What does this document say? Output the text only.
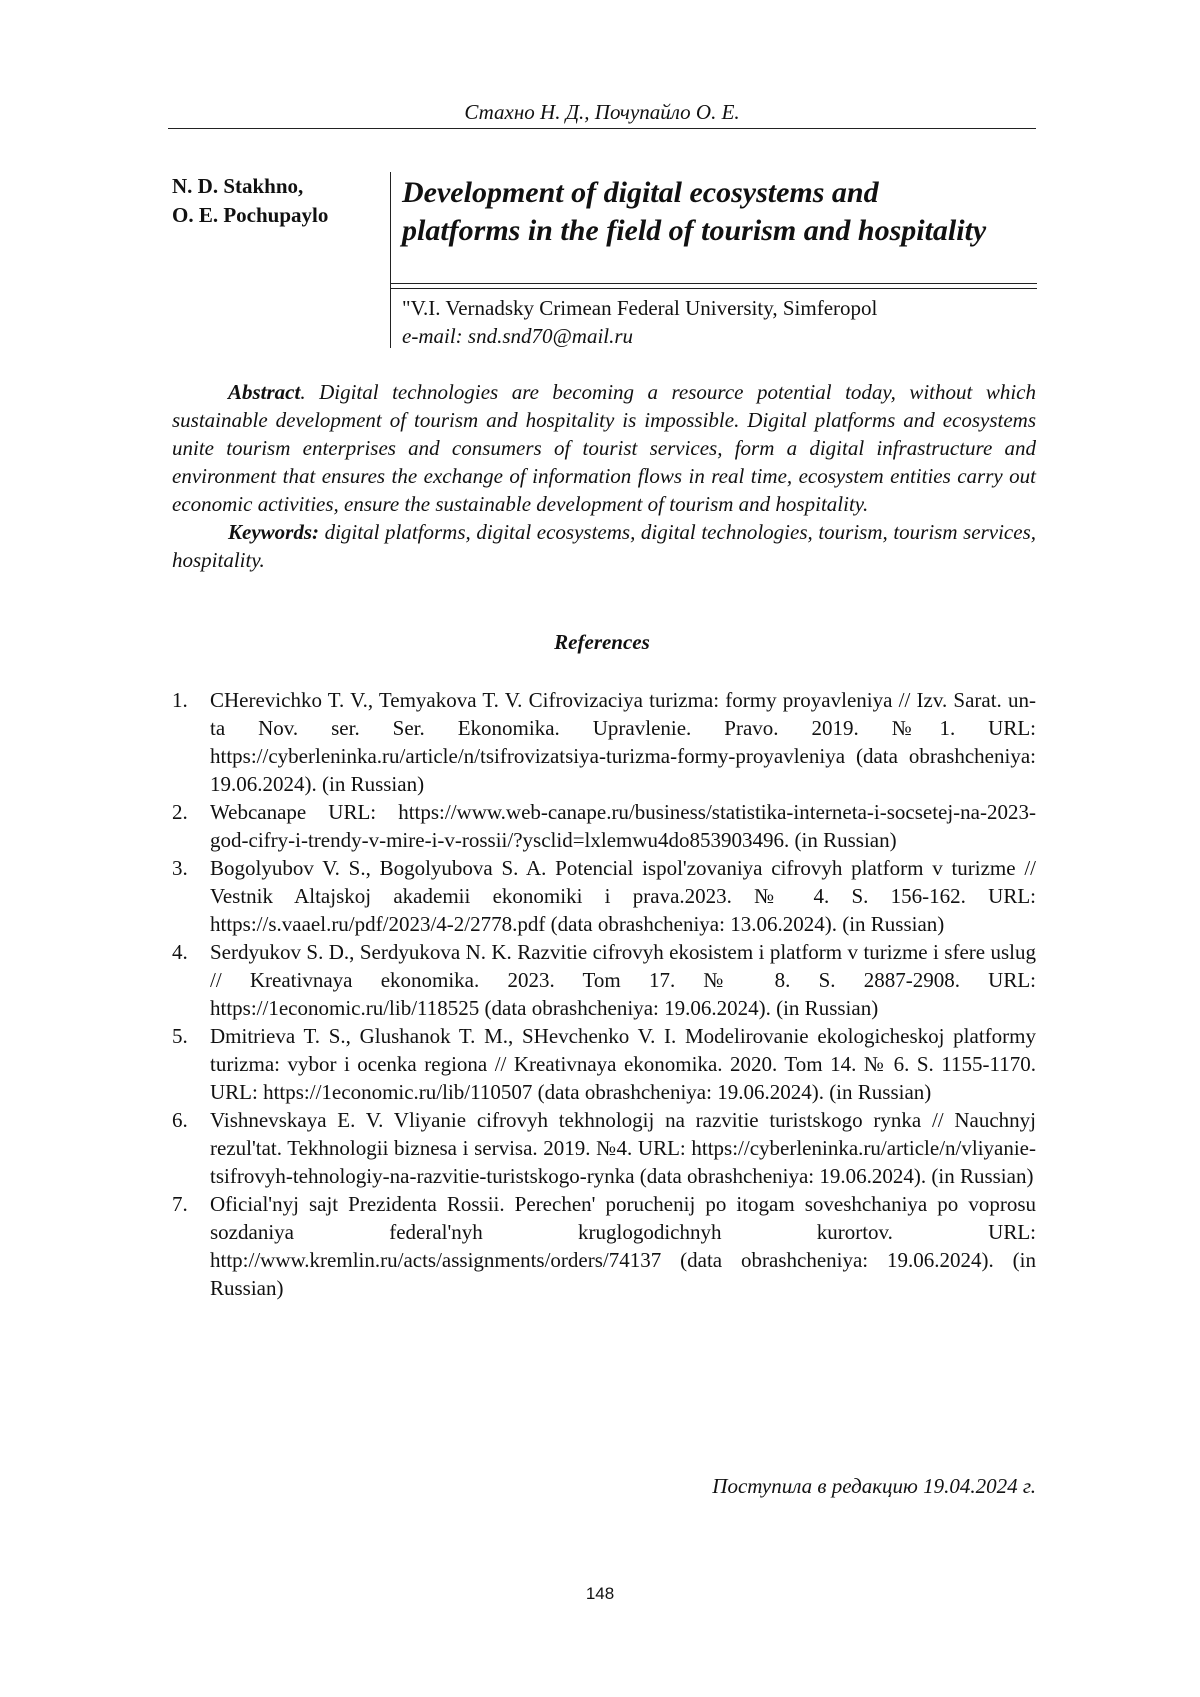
Стахно Н. Д., Почупайло О. Е.
N. D. Stakhno,
O. E. Pochupaylo
Development of digital ecosystems and platforms in the field of tourism and hospitality
"V.I. Vernadsky Crimean Federal University, Simferopol
e-mail: snd.snd70@mail.ru

Abstract. Digital technologies are becoming a resource potential today, without which sustainable development of tourism and hospitality is impossible. Digital platforms and ecosystems unite tourism enterprises and consumers of tourist services, form a digital infrastructure and environment that ensures the exchange of information flows in real time, ecosystem entities carry out economic activities, ensure the sustainable development of tourism and hospitality.

Keywords: digital platforms, digital ecosystems, digital technologies, tourism, tourism services, hospitality.

References
1. CHerevichko T. V., Temyakova T. V. Cifrovizaciya turizma: formy proyavleniya // Izv. Sarat. un-ta Nov. ser. Ser. Ekonomika. Upravlenie. Pravo. 2019. №1. URL: https://cyberleninka.ru/article/n/tsifrovizatsiya-turizma-formy-proyavleniya (data obrashcheniya: 19.06.2024). (in Russian)
2. Webcanape URL: https://www.web-canape.ru/business/statistika-interneta-i-socsetej-na-2023-god-cifry-i-trendy-v-mire-i-v-rossii/?ysclid=lxlemwu4do853903496. (in Russian)
3. Bogolyubov V. S., Bogolyubova S. A. Potencial ispol'zovaniya cifrovyh platform v turizme // Vestnik Altajskoj akademii ekonomiki i prava.2023. № 4. S. 156-162. URL: https://s.vaael.ru/pdf/2023/4-2/2778.pdf (data obrashcheniya: 13.06.2024). (in Russian)
4. Serdyukov S. D., Serdyukova N. K. Razvitie cifrovyh ekosistem i platform v turizme i sfere uslug // Kreativnaya ekonomika. 2023. Tom 17. № 8. S. 2887-2908. URL: https://1economic.ru/lib/118525 (data obrashcheniya: 19.06.2024). (in Russian)
5. Dmitrieva T. S., Glushanok T. M., SHevchenko V. I. Modelirovanie ekologicheskoj platformy turizma: vybor i ocenka regiona // Kreativnaya ekonomika. 2020. Tom 14. № 6. S. 1155-1170. URL: https://1economic.ru/lib/110507 (data obrashcheniya: 19.06.2024). (in Russian)
6. Vishnevskaya E. V. Vliyanie cifrovyh tekhnologij na razvitie turistskogo rynka // Nauchnyj rezul'tat. Tekhnologii biznesa i servisa. 2019. №4. URL: https://cyberleninka.ru/article/n/vliyanie-tsifrovyh-tehnologiy-na-razvitie-turistskogo-rynka (data obrashcheniya: 19.06.2024). (in Russian)
7. Oficial'nyj sajt Prezidenta Rossii. Perechen' poruchenij po itogam soveshchaniya po voprosu sozdaniya federal'nyh kruglogodichnyh kurortov. URL: http://www.kremlin.ru/acts/assignments/orders/74137 (data obrashcheniya: 19.06.2024). (in Russian)
Поступила в редакцию 19.04.2024 г.
148
